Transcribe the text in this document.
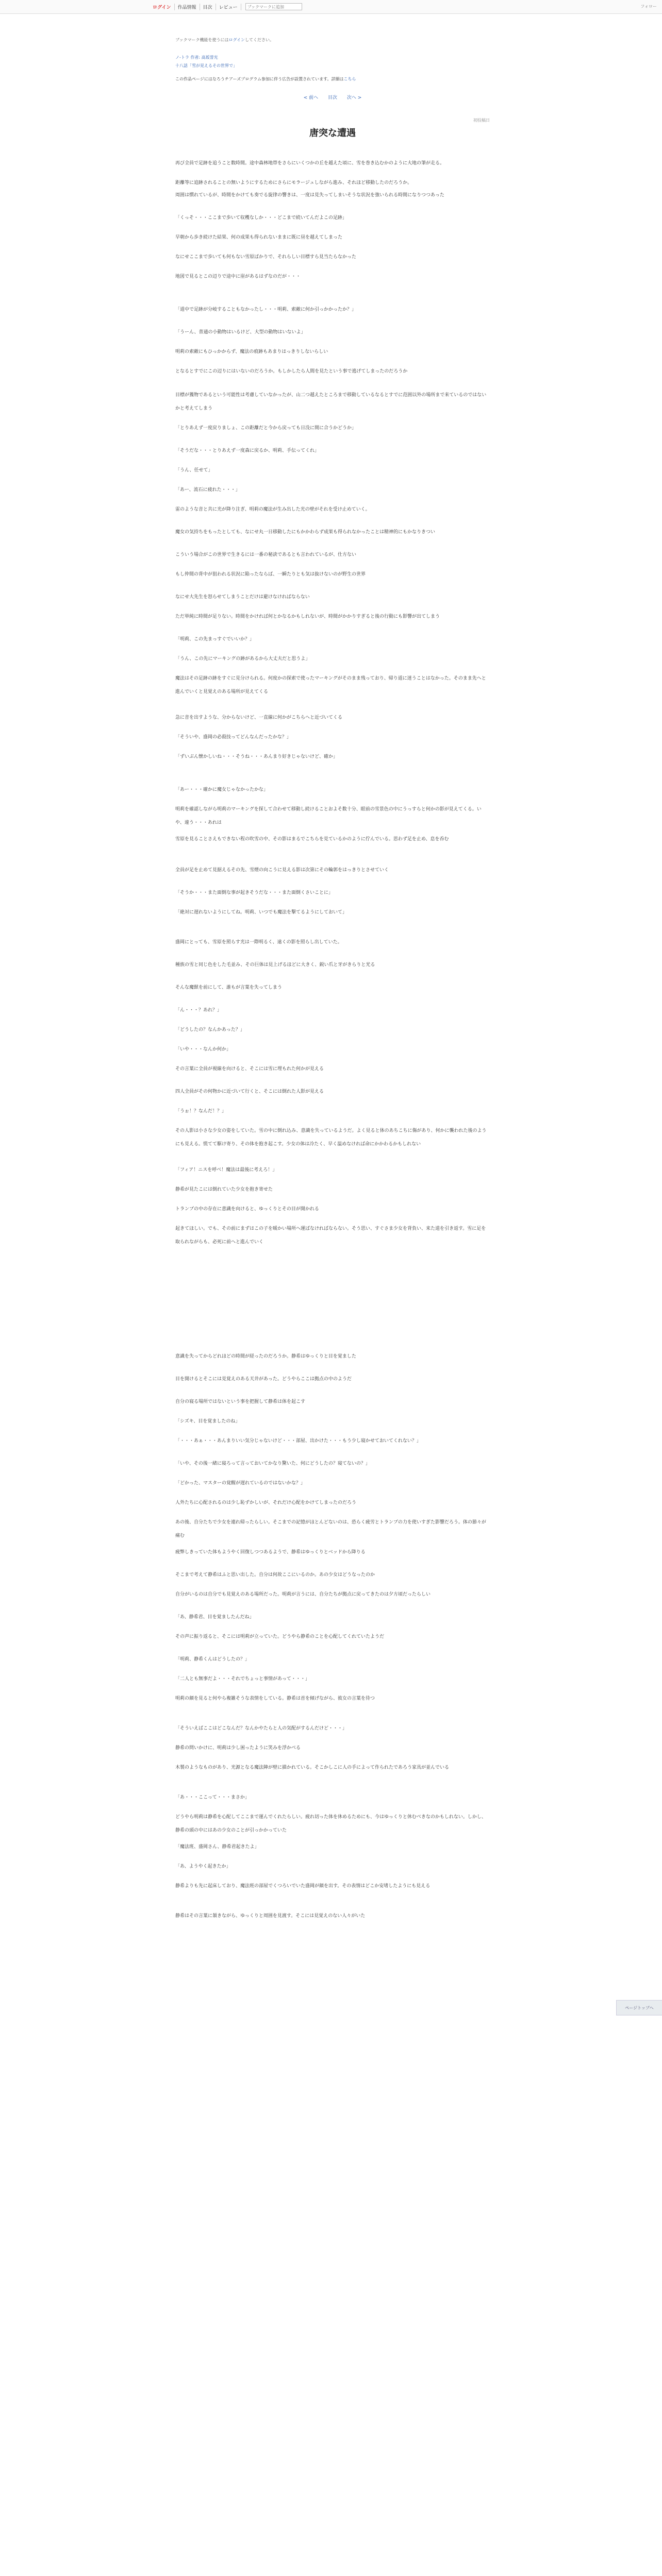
ログイン	作品情報	目次	レビュー
ブックマークに追加	フォロー
ブックマーク機能を使うにはログインしてください。
ノ-トラ 作者: 高坂誉光
十八話「雪が見えるその世界で」
この作品ページにはなろうチアーズプログラム参加に伴う広告が設置されています。詳細はこちら
< 前へ 目次 次へ >
初投稿日
唐突な遭遇
再び全員で足跡を追うこと数時間。途中森林地帯をさらにいくつかの丘を越えた頃に、雪を巻き込むかのように大地の筆が走る。
距離等に追跡されることの無いようにするためにさらにモラージュしながら進み、それほど移動したのだろうか。
周囲は慣れているが、時間をかけても奏でる旋律の響きは、一度は見失ってしまいそうな状況を強いられる時間になりつつあった
「くっそ・・・ここまで歩いて収穫なしか・・・どこまで続いてんだよこの足跡」
早朝から歩き続けた結果、何の成果も得られないままに既に昼を越えてしまった
なにせここまで歩いても何もない雪原ばかりで、それらしい目標すら見当たらなかった
地図で見るとこの辺りで途中に崖があるはずなのだが・・・
「道中で足跡が分岐することもなかったし・・・明莉、索敵に何か引っかかったか？」
「うーん、普通の小動物はいるけど、大型の動物はいないよ」
明莉の索敵にもひっかからず、魔法の痕跡もあまりはっきりしないらしい
となるとすでにこの辺りにはいないのだろうか。もしかしたら人間を見たという事で逃げてしまったのだろうか
目標が獲物であるという可能性は考慮していなかったが、山二つ越えたところまで移動しているなるとすでに范囲以外の場所まで来ているのではないかと考えてしまう
「とりあえず一度戻りましょ、この距離だと今から戻っても日没に間に合うかどうか」
「そうだな・・・とりあえず一度森に戻るか、明莉、手伝ってくれ」
「うん、任せて」
「あー、流石に疲れた・・・」
雷のような音と共に光が降り注ぎ、明莉の魔法が生み出した光の壁がそれを受け止めていく。
魔女の気持ちをもったとしても、なにせ丸一日移動したにもかかわらず成果も得られなかったことは精神的にもかなりきつい
こういう場合がこの世界で生きるには一番の秘訣であるとも言われているが、仕方ない
もし仲間の背中が狙われる状況に陥ったならば、一瞬たりとも気は抜けないのが野生の世界
なにせ大先生を怒らせてしまうことだけは避けなければならない
ただ単純に時間が足りない。時間をかければ何とかなるかもしれないが、時間がかかりすぎると後の行動にも影響が出てしまう
「明莉、この先まっすぐでいいか？」
「うん、この先にマーキングの跡があるから大丈夫だと思うよ」
魔法はその足跡の跡をすぐに見分けられる。何度かの探索で使ったマーキングがそのまま残っており、帰り道に迷うことはなかった。そのまま先へと進んでいくと見覚えのある場所が見えてくる
急に音を出すような、分からないけど、一直線に何かがこちらへと近づいてくる
「そういや、盛岡の必殺技ってどんなんだったかな？」
「ずいぶん懐かしいね・・・そうね・・・あんまり好きじゃないけど、確か」
「あー・・・確かに魔女じゃなかったかな」
明莉を確認しながら明莉のマーキングを探して合わせて移動し続けることおよそ数十分、眼前の雪景色の中にうっすらと何かの影が見えてくる。いや、違う・・・あれは
雪原を見ることさえもできない程の吹雪の中、その影はまるでこちらを見ているかのように佇んでいる。思わず足を止め、息を呑む
全員が足を止めて見据えるその先、雪煙の向こうに見える影は次第にその輪郭をはっきりとさせていく
「そうか・・・また面倒な事が起きそうだな・・・また面倒くさいことに」
「絶対に遅れないようにしてね。明莉、いつでも魔法を撃てるようにしておいて」
盛岡にとっても、雪原を照らす光は一際明るく、遠くの影を照らし出していた。
種族の雪と同じ色をした毛並み、その巨体は見上げるほどに大きく、鋭い爪と牙がきらりと光る
そんな魔獣を前にして、誰もが言葉を失ってしまう
「ん・・・？あれ？」
「どうしたの？なんかあった？」
「いや・・・なんか何か」
その言葉に全員が視線を向けると、そこには雪に埋もれた何かが見える
四人全員がその何物かに近づいて行くと、そこには倒れた人影が見える
「うぉ！？なんだ！？」
その人影は小さな少女の姿をしていた。雪の中に倒れ込み、意識を失っているようだ。よく見ると体のあちこちに傷があり、何かに襲われた後のようにも見える。慌てて駆け寄り、その体を抱き起こす。少女の体は冷たく、早く温めなければ命にかかわるかもしれない
「フィア！ニスを呼べ！魔法は最後に考えろ！」
静希が見たこには倒れていた少女を抱き寄せた
トランプの中の存在に意識を向けると、ゆっくりとその目が開かれる
起きてほしい。でも、その前にまずはこの子を暖かい場所へ運ばなければならない。そう思い、すぐさま少女を背負い、来た道を引き返す。雪に足を取られながらも、必死に前へと進んでいく
意識を失ってからどれほどの時間が経ったのだろうか。静希はゆっくりと目を覚ました
目を開けるとそこには見覚えのある天井があった。どうやらここは拠点の中のようだ
自分の寝る場所ではないという事を把握して静希は体を起こす
「シズキ、目を覚ましたのね」
「・・・あぁ・・・あんまりいい気分じゃないけど・・・部屋、出かけた・・・もう少し寝かせておいてくれない？」
「いや、その後一緒に寝ろって言っておいてかなり驚いた、何にどうしたの？寝てないの？」
「どかった、マスターの覚醒が遅れているのではないかな？」
人外たちに心配されるのは少し恥ずかしいが、それだけ心配をかけてしまったのだろう
あの後、自分たちで少女を連れ帰ったらしい。そこまでの記憶がほとんどないのは、恐らく疲労とトランプの力を使いすぎた影響だろう。体の節々が痛む
疲弊しきっていた体もようやく回復しつつあるようで、静希はゆっくりとベッドから降りる
そこまで考えて静希はふと思い出した。自分は何故ここにいるのか。あの少女はどうなったのか
自分がいるのは自分でも見覚えのある場所だった。明莉が言うには、自分たちが拠点に戻ってきたのは夕方頃だったらしい
「あ、静希君、目を覚ましたんだね」
その声に振り返ると、そこには明莉が立っていた。どうやら静希のことを心配してくれていたようだ
「明莉、静希くんはどうしたの？」
「二人とも無事だよ・・・それでちょっと事情があって・・・」
明莉の顔を見ると何やら複雑そうな表情をしている。静希は首を傾げながら、彼女の言葉を待つ
「そういえばここはどこなんだ？なんかやたらと人の気配がするんだけど・・・」
静希の問いかけに、明莉は少し困ったように笑みを浮かべる
木製のようなものがあり、光源となる魔法陣が壁に描かれている。そこかしこに人の手によって作られたであろう家具が並んでいる
「あ・・・ここって・・・まさか」
どうやら明莉は静希を心配してここまで運んでくれたらしい。疲れ切った体を休めるためにも、今はゆっくりと休むべきなのかもしれない。しかし、静希の頭の中にはあの少女のことが引っかかっていた
「魔法班、盛岡さん、静希君起きたよ」
「あ、ようやく起きたか」
静希よりも先に起床しており、魔法班の部屋でくつろいでいた盛岡が顔を出す。その表情はどこか安堵したようにも見える
静希はその言葉に頷きながら、ゆっくりと周囲を見渡す。そこには見覚えのない人々がいた
ページトップへ
